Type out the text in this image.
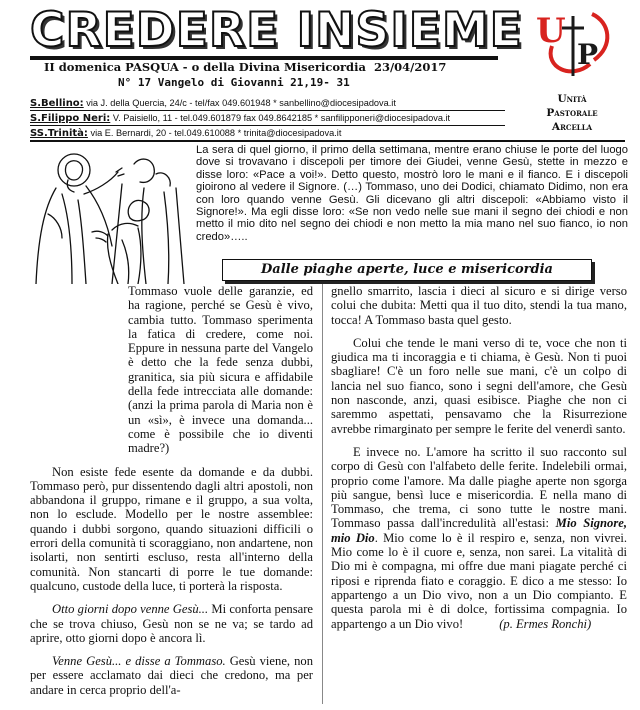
CREDERE INSIEME
II domenica PASQUA - o della Divina Misericordia 23/04/2017
N° 17 Vangelo di Giovanni 21,19- 31
S.Bellino: via J. della Quercia, 24/c - tel/fax 049.601948 * sanbellino@diocesipadova.it
S.Filippo Neri: V. Paisiello, 11 - tel.049.601879 fax 049.8642185 * sanfilipponeri@diocesipadova.it
SS.Trinità: via E. Bernardi, 20 - tel.049.610088 * trinita@diocesipadova.it
U
P
Unità
Pastorale
Arcella
La sera di quel giorno, il primo della settimana, mentre erano chiuse le porte del luogo dove si trovavano i discepoli per timore dei Giudei, venne Gesù, stette in mezzo e disse loro: «Pace a voi!». Detto questo, mostrò loro le mani e il fianco. E i discepoli gioirono al vedere il Signore. (…) Tommaso, uno dei Dodici, chiamato Didimo, non era con loro quando venne Gesù. Gli dicevano gli altri discepoli: «Abbiamo visto il Signore!». Ma egli disse loro: «Se non vedo nelle sue mani il segno dei chiodi e non metto il mio dito nel segno dei chiodi e non metto la mia mano nel suo fianco, io non credo»…..
Dalle piaghe aperte, luce e misericordia

Tommaso vuole delle garanzie, ed ha ragione, perché se Gesù è vivo, cambia tutto. Tommaso sperimenta la fatica di credere, come noi. Eppure in nessuna parte del Vangelo è detto che la fede senza dubbi, granitica, sia più sicura e affidabile della fede intrecciata alle domande: (anzi la prima parola di Maria non è un «sì», è invece una domanda... come è possibile che io diventi madre?)

Non esiste fede esente da domande e da dubbi. Tommaso però, pur dissentendo dagli altri apostoli, non abbandona il gruppo, rimane e il gruppo, a sua volta, non lo esclude. Modello per le nostre assemblee: quando i dubbi sorgono, quando situazioni difficili o errori della comunità ti scoraggiano, non andartene, non isolarti, non sentirti escluso, resta all'interno della comunità. Non stancarti di porre le tue domande: qualcuno, custode della luce, ti porterà la risposta.

Otto giorni dopo venne Gesù... Mi conforta pensare che se trova chiuso, Gesù non se ne va; se tardo ad aprire, otto giorni dopo è ancora lì.

Venne Gesù... e disse a Tommaso. Gesù viene, non per essere acclamato dai dieci che credono, ma per andare in cerca proprio dell'a-

gnello smarrito, lascia i dieci al sicuro e si dirige verso colui che dubita: Metti qua il tuo dito, stendi la tua mano, tocca! A Tommaso basta quel gesto.

Colui che tende le mani verso di te, voce che non ti giudica ma ti incoraggia e ti chiama, è Gesù. Non ti puoi sbagliare! C'è un foro nelle sue mani, c'è un colpo di lancia nel suo fianco, sono i segni dell'amore, che Gesù non nasconde, anzi, quasi esibisce. Piaghe che non ci saremmo aspettati, pensavamo che la Risurrezione avrebbe rimarginato per sempre le ferite del venerdì santo.

E invece no. L'amore ha scritto il suo racconto sul corpo di Gesù con l'alfabeto delle ferite. Indelebili ormai, proprio come l'amore. Ma dalle piaghe aperte non sgorga più sangue, bensì luce e misericordia. E nella mano di Tommaso, che trema, ci sono tutte le nostre mani. Tommaso passa dall'incredulità all'estasi: Mio Signore, mio Dio. Mio come lo è il respiro e, senza, non vivrei. Mio come lo è il cuore e, senza, non sarei. La vitalità di Dio mi è compagna, mi offre due mani piagate perché ci riposi e riprenda fiato e coraggio. E dico a me stesso: Io appartengo a un Dio vivo, non a un Dio compianto. E questa parola mi è di dolce, fortissima compagnia. Io appartengo a un Dio vivo!	(p. Ermes Ronchi)
